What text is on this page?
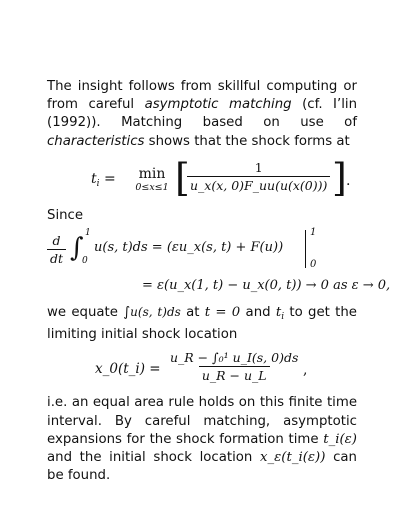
The insight follows from skillful computing or from careful asymptotic matching (cf. I’lin (1992)). Matching based on use of characteristics shows that the shock forms at

$t_i$ =	min
0≤x≤1 [
$\frac{1}{u\_x(x, 0)F\_uu(u(x(0)))}$ ] .

Since

$\frac{d}{dt}$ ∫ 1
0
u(s, t)ds = (εu_x(s, t) + F(u))
1
0
= ε(u_x(1, t) − u_x(0, t)) → 0 as ε → 0,

we equate ∫u(s, t)ds at t = 0 and $t_i$ to get the limiting initial shock location

x_0(t_i) = $\frac{\text{u\_R − ∫₀¹ u\_I(s, 0)ds}}{u\_R - u\_L}$ ,

i.e. an equal area rule holds on this finite time interval. By careful matching, asymptotic expansions for the shock formation time t_i(ε) and the initial shock location x_ε(t_i(ε)) can be found.
